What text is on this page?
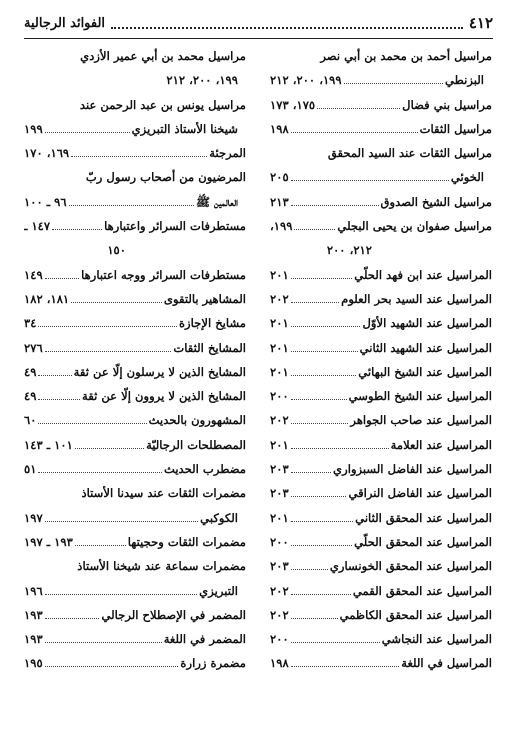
٤١٢
الفوائد الرجالية
مراسيل أحمد بن محمد بن أبي نصر
البزنطي
١٩٩، ٢٠٠، ٢١٢
مراسيل بني فضال
١٧٥، ١٧٣
مراسيل الثقات
١٩٨
مراسيل الثقات عند السيد المحقق
الخوئي
٢٠٥
مراسيل الشيخ الصدوق
٢١٣
مراسيل صفوان بن يحيى البجلي
١٩٩،
٢١٢، ٢٠٠
المراسيل عند ابن فهد الحلّي
٢٠١
المراسيل عند السيد بحر العلوم
٢٠٢
المراسيل عند الشهيد الأوّل
٢٠١
المراسيل عند الشهيد الثاني
٢٠١
المراسيل عند الشيخ البهائي
٢٠١
المراسيل عند الشيخ الطوسي
٢٠٠
المراسيل عند صاحب الجواهر
٢٠٢
المراسيل عند العلامة
٢٠١
المراسيل عند الفاضل السبزواري
٢٠٣
المراسيل عند الفاضل النراقي
٢٠٣
المراسيل عند المحقق الثاني
٢٠١
المراسيل عند المحقق الحلّي
٢٠٠
المراسيل عند المحقق الخونساري
٢٠٣
المراسيل عند المحقق القمي
٢٠٢
المراسيل عند المحقق الكاظمي
٢٠٢
المراسيل عند النجاشي
٢٠٠
المراسيل في اللغة
١٩٨
مراسيل محمد بن أبي عمير الأزدي
١٩٩، ٢٠٠، ٢١٢
مراسيل يونس بن عبد الرحمن عند
شيخنا الأستاذ التبريزي
١٩٩
المرجئة
١٦٩، ١٧٠
المرضيون من أصحاب رسول ربّ
العالمين ﷺ
٩٦ ـ ١٠٠
مستطرفات السرائر واعتبارها
١٤٧ ـ
١٥٠
مستطرفات السرائر ووجه اعتبارها
١٤٩
المشاهير بالتقوى
١٨١، ١٨٢
مشايخ الإجازة
٣٤
المشايخ الثقات
٢٧٦
المشايخ الذين لا يرسلون إلّا عن ثقة
٤٩
المشايخ الذين لا يروون إلّا عن ثقة
٤٩
المشهورون بالحديث
٦٠
المصطلحات الرجاليّة
١٠١ ـ ١٤٣
مضطرب الحديث
٥١
مضمرات الثقات عند سيدنا الأستاذ
الكوكبي
١٩٧
مضمرات الثقات وحجيتها
١٩٣ ـ ١٩٧
مضمرات سماعة عند شيخنا الأستاذ
التبريزي
١٩٦
المضمر في الإصطلاح الرجالي
١٩٣
المضمر في اللغة
١٩٣
مضمرة زرارة
١٩٥
